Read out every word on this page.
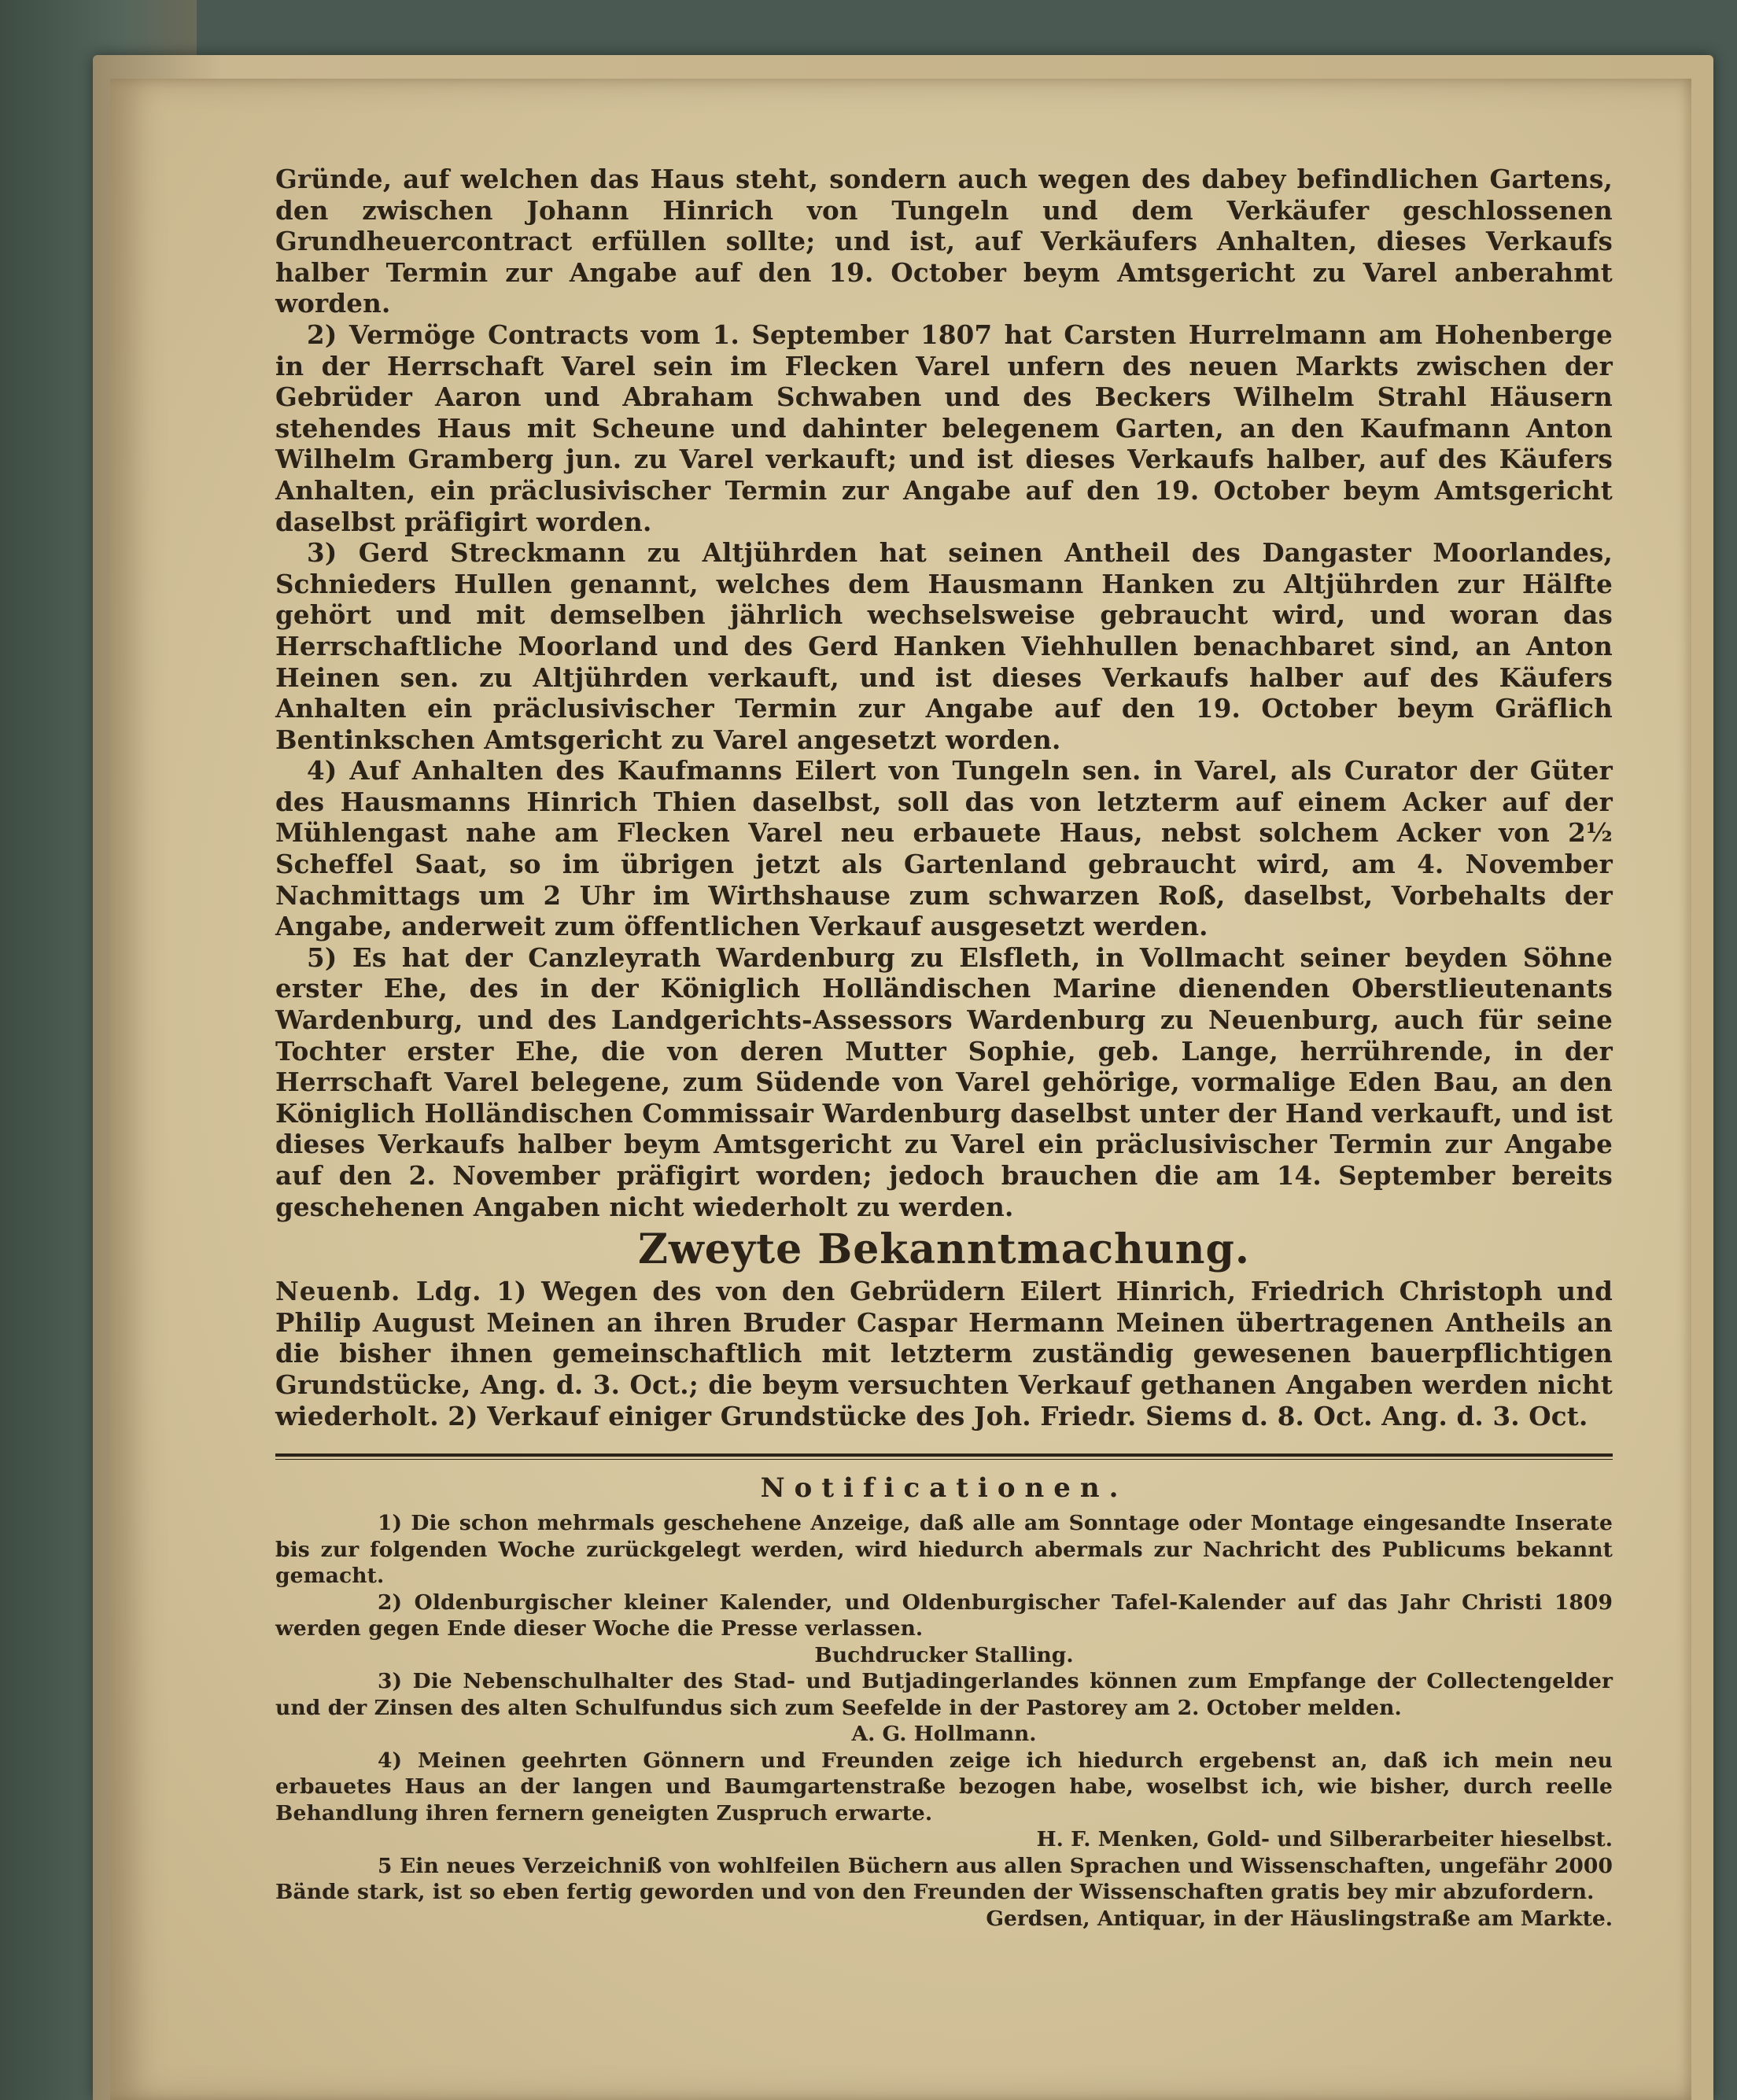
Gründe, auf welchen das Haus steht, sondern auch wegen des dabey befindlichen Gartens, den zwischen Johann Hinrich von Tungeln und dem Verkäufer geschlossenen Grundheuercontract erfüllen sollte; und ist, auf Verkäufers Anhalten, dieses Verkaufs halber Termin zur Angabe auf den 19. October beym Amtsgericht zu Varel anberahmt worden.

2) Vermöge Contracts vom 1. September 1807 hat Carsten Hurrelmann am Hohenberge in der Herrschaft Varel sein im Flecken Varel unfern des neuen Markts zwischen der Gebrüder Aaron und Abraham Schwaben und des Beckers Wilhelm Strahl Häusern stehendes Haus mit Scheune und dahinter belegenem Garten, an den Kaufmann Anton Wilhelm Gramberg jun. zu Varel verkauft; und ist dieses Verkaufs halber, auf des Käufers Anhalten, ein präclusivischer Termin zur Angabe auf den 19. October beym Amtsgericht daselbst präfigirt worden.

3) Gerd Streckmann zu Altjührden hat seinen Antheil des Dangaster Moorlandes, Schnieders Hullen genannt, welches dem Hausmann Hanken zu Altjührden zur Hälfte gehört und mit demselben jährlich wechselsweise gebraucht wird, und woran das Herrschaftliche Moorland und des Gerd Hanken Viehhullen benachbaret sind, an Anton Heinen sen. zu Altjührden verkauft, und ist dieses Verkaufs halber auf des Käufers Anhalten ein präclusivischer Termin zur Angabe auf den 19. October beym Gräflich Bentinkschen Amtsgericht zu Varel angesetzt worden.

4) Auf Anhalten des Kaufmanns Eilert von Tungeln sen. in Varel, als Curator der Güter des Hausmanns Hinrich Thien daselbst, soll das von letzterm auf einem Acker auf der Mühlengast nahe am Flecken Varel neu erbauete Haus, nebst solchem Acker von 2½ Scheffel Saat, so im übrigen jetzt als Gartenland gebraucht wird, am 4. November Nachmittags um 2 Uhr im Wirthshause zum schwarzen Roß, daselbst, Vorbehalts der Angabe, anderweit zum öffentlichen Verkauf ausgesetzt werden.

5) Es hat der Canzleyrath Wardenburg zu Elsfleth, in Vollmacht seiner beyden Söhne erster Ehe, des in der Königlich Holländischen Marine dienenden Oberstlieutenants Wardenburg, und des Landgerichts-Assessors Wardenburg zu Neuenburg, auch für seine Tochter erster Ehe, die von deren Mutter Sophie, geb. Lange, herrührende, in der Herrschaft Varel belegene, zum Südende von Varel gehörige, vormalige Eden Bau, an den Königlich Holländischen Commissair Wardenburg daselbst unter der Hand verkauft, und ist dieses Verkaufs halber beym Amtsgericht zu Varel ein präclusivischer Termin zur Angabe auf den 2. November präfigirt worden; jedoch brauchen die am 14. September bereits geschehenen Angaben nicht wiederholt zu werden.

Zweyte Bekanntmachung.

Neuenb. Ldg. 1) Wegen des von den Gebrüdern Eilert Hinrich, Friedrich Christoph und Philip August Meinen an ihren Bruder Caspar Hermann Meinen übertragenen Antheils an die bisher ihnen gemeinschaftlich mit letzterm zuständig gewesenen bauerpflichtigen Grundstücke, Ang. d. 3. Oct.; die beym versuchten Verkauf gethanen Angaben werden nicht wiederholt. 2) Verkauf einiger Grundstücke des Joh. Friedr. Siems d. 8. Oct. Ang. d. 3. Oct.

Notificationen.

1) Die schon mehrmals geschehene Anzeige, daß alle am Sonntage oder Montage eingesandte Inserate bis zur folgenden Woche zurückgelegt werden, wird hiedurch abermals zur Nachricht des Publicums bekannt gemacht.

2) Oldenburgischer kleiner Kalender, und Oldenburgischer Tafel-Kalender auf das Jahr Christi 1809 werden gegen Ende dieser Woche die Presse verlassen.

Buchdrucker Stalling.

3) Die Nebenschulhalter des Stad- und Butjadingerlandes können zum Empfange der Collectengelder und der Zinsen des alten Schulfundus sich zum Seefelde in der Pastorey am 2. October melden.

A. G. Hollmann.

4) Meinen geehrten Gönnern und Freunden zeige ich hiedurch ergebenst an, daß ich mein neu erbauetes Haus an der langen und Baumgartenstraße bezogen habe, woselbst ich, wie bisher, durch reelle Behandlung ihren fernern geneigten Zuspruch erwarte.

H. F. Menken, Gold- und Silberarbeiter hieselbst.

5 Ein neues Verzeichniß von wohlfeilen Büchern aus allen Sprachen und Wissenschaften, ungefähr 2000 Bände stark, ist so eben fertig geworden und von den Freunden der Wissenschaften gratis bey mir abzufordern.

Gerdsen, Antiquar, in der Häuslingstraße am Markte.
